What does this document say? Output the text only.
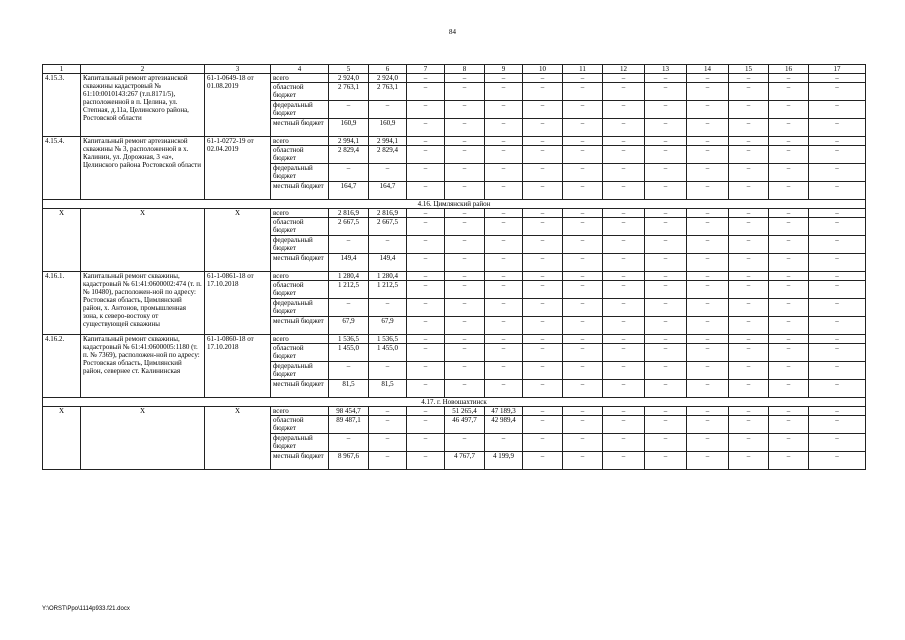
84
1	2	3	4	5	6	7	8	9	10	11	12	13	14	15	16	17
4.15.3.	Капитальный ремонт артезианской скважины кадастровый № 61:10:0010143:267 (т.п.8171/5), расположенной в п. Целина, ул. Степная, д.11а, Целинского района, Ростовской области	61-1-0649-18 от 01.08.2019	всего	2 924,0	2 924,0	–	–	–	–	–	–	–	–	–	–	–
			областной бюджет	2 763,1	2 763,1	–	–	–	–	–	–	–	–	–	–	–
			федеральный бюджет	–	–	–	–	–	–	–	–	–	–	–	–	–
			местный бюджет	160,9	160,9	–	–	–	–	–	–	–	–	–	–	–
4.15.4.	Капитальный ремонт артезианской скважины № 3, расположенной в х. Калинин, ул. Дорожная, 3 «а», Целинского района Ростовской области	61-1-0272-19 от 02.04.2019	всего	2 994,1	2 994,1	–	–	–	–	–	–	–	–	–	–	–
			областной бюджет	2 829,4	2 829,4	–	–	–	–	–	–	–	–	–	–	–
			федеральный бюджет	–	–	–	–	–	–	–	–	–	–	–	–	–
			местный бюджет	164,7	164,7	–	–	–	–	–	–	–	–	–	–	–
4.16. Цимлянский район																
Х	Х	Х	всего	2 816,9	2 816,9	–	–	–	–	–	–	–	–	–	–	–
			областной бюджет	2 667,5	2 667,5	–	–	–	–	–	–	–	–	–	–	–
			федеральный бюджет	–	–	–	–	–	–	–	–	–	–	–	–	–
			местный бюджет	149,4	149,4	–	–	–	–	–	–	–	–	–	–	–
4.16.1.	Капитальный ремонт скважины, кадастровый № 61:41:0600002:474 (т. п. № 10480), расположен-ной по адресу: Ростовская область, Цимлянский район, х. Антонов, промышленная зона, к северо-востоку от существующей скважины	61-1-0861-18 от 17.10.2018	всего	1 280,4	1 280,4	–	–	–	–	–	–	–	–	–	–	–
			областной бюджет	1 212,5	1 212,5	–	–	–	–	–	–	–	–	–	–	–
			федеральный бюджет	–	–	–	–	–	–	–	–	–	–	–	–	–
			местный бюджет	67,9	67,9	–	–	–	–	–	–	–	–	–	–	–
4.16.2.	Капитальный ремонт скважины, кадастровый № 61:41:0600005:1180 (т. п. № 7369), расположен-ной по адресу: Ростовская область, Цимлянский район, севернее ст. Калининская	61-1-0860-18 от 17.10.2018	всего	1 536,5	1 536,5	–	–	–	–	–	–	–	–	–	–	–
			областной бюджет	1 455,0	1 455,0	–	–	–	–	–	–	–	–	–	–	–
			федеральный бюджет	–	–	–	–	–	–	–	–	–	–	–	–	–
			местный бюджет	81,5	81,5	–	–	–	–	–	–	–	–	–	–	–
4.17. г. Новошахтинск																
Х	Х	Х	всего	98 454,7	–	–	51 265,4	47 189,3	–	–	–	–	–	–	–	–
			областной бюджет	89 487,1	–	–	46 497,7	42 989,4	–	–	–	–	–	–	–	–
			федеральный бюджет	–	–	–	–	–	–	–	–	–	–	–	–	–
			местный бюджет	8 967,6	–	–	4 767,7	4 199,9	–	–	–	–	–	–	–	–
Y:\ORST\Ppo\1114p933.f21.docx
